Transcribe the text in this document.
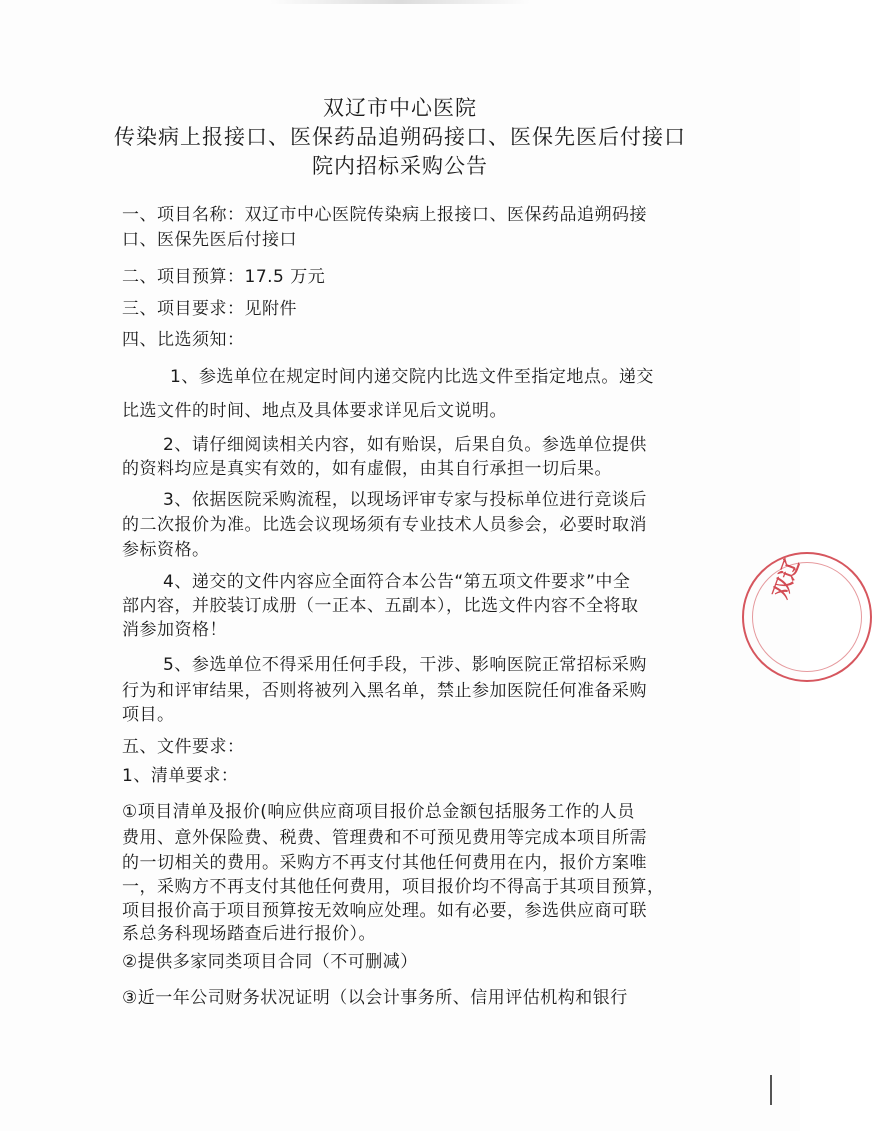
双辽市中心医院
传染病上报接口、医保药品追朔码接口、医保先医后付接口
院内招标采购公告
一、项目名称：双辽市中心医院传染病上报接口、医保药品追朔码接
口、医保先医后付接口
二、项目预算：17.5 万元
三、项目要求：见附件
四、比选须知：
1、参选单位在规定时间内递交院内比选文件至指定地点。递交
比选文件的时间、地点及具体要求详见后文说明。
2、请仔细阅读相关内容，如有贻误，后果自负。参选单位提供
的资料均应是真实有效的，如有虚假，由其自行承担一切后果。
3、依据医院采购流程，以现场评审专家与投标单位进行竞谈后
的二次报价为准。比选会议现场须有专业技术人员参会，必要时取消
参标资格。
4、递交的文件内容应全面符合本公告“第五项文件要求”中全
部内容，并胶装订成册（一正本、五副本），比选文件内容不全将取
消参加资格！
5、参选单位不得采用任何手段，干涉、影响医院正常招标采购
行为和评审结果，否则将被列入黑名单，禁止参加医院任何准备采购
项目。
五、文件要求：
1、清单要求：
①项目清单及报价(响应供应商项目报价总金额包括服务工作的人员
费用、意外保险费、税费、管理费和不可预见费用等完成本项目所需
的一切相关的费用。采购方不再支付其他任何费用在内，报价方案唯
一，采购方不再支付其他任何费用，项目报价均不得高于其项目预算，
项目报价高于项目预算按无效响应处理。如有必要，参选供应商可联
系总务科现场踏查后进行报价）。
②提供多家同类项目合同（不可删减）
③近一年公司财务状况证明（以会计事务所、信用评估机构和银行
双辽
